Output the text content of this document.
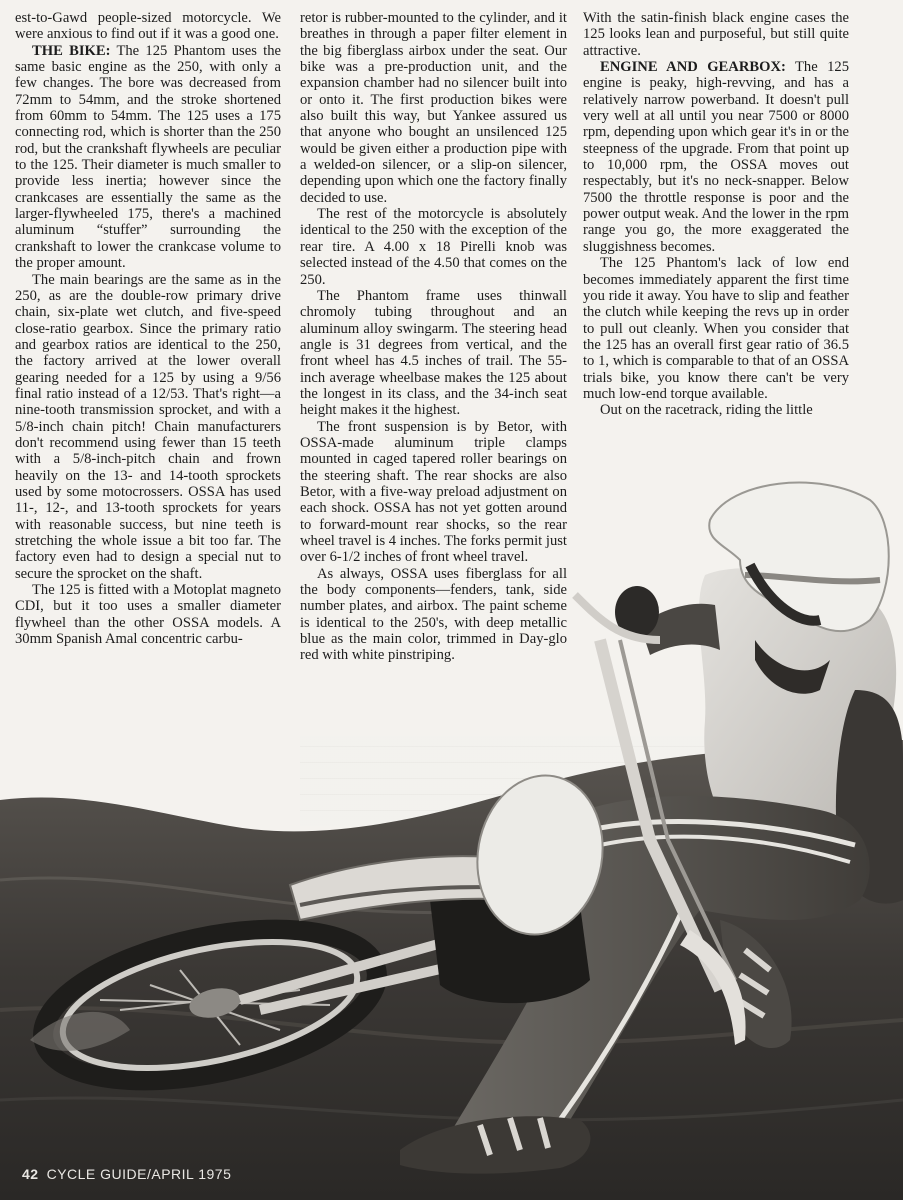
est-to-Gawd people-sized motorcycle. We were anxious to find out if it was a good one.

THE BIKE: The 125 Phantom uses the same basic engine as the 250, with only a few changes. The bore was decreased from 72mm to 54mm, and the stroke shortened from 60mm to 54mm. The 125 uses a 175 connecting rod, which is shorter than the 250 rod, but the crankshaft flywheels are peculiar to the 125. Their diameter is much smaller to provide less inertia; however since the crankcases are essentially the same as the larger-flywheeled 175, there's a machined aluminum “stuffer” surrounding the crankshaft to lower the crankcase volume to the proper amount.

The main bearings are the same as in the 250, as are the double-row primary drive chain, six-plate wet clutch, and five-speed close-ratio gearbox. Since the primary ratio and gearbox ratios are identical to the 250, the factory arrived at the lower overall gearing needed for a 125 by using a 9/56 final ratio instead of a 12/53. That's right—a nine-tooth transmission sprocket, and with a 5/8-inch chain pitch! Chain manufacturers don't recommend using fewer than 15 teeth with a 5/8-inch-pitch chain and frown heavily on the 13- and 14-tooth sprockets used by some motocrossers. OSSA has used 11-, 12-, and 13-tooth sprockets for years with reasonable success, but nine teeth is stretching the whole issue a bit too far. The factory even had to design a special nut to secure the sprocket on the shaft.

The 125 is fitted with a Motoplat magneto CDI, but it too uses a smaller diameter flywheel than the other OSSA models. A 30mm Spanish Amal concentric carbu-

retor is rubber-mounted to the cylinder, and it breathes in through a paper filter element in the big fiberglass airbox under the seat. Our bike was a pre-production unit, and the expansion chamber had no silencer built into or onto it. The first production bikes were also built this way, but Yankee assured us that anyone who bought an unsilenced 125 would be given either a production pipe with a welded-on silencer, or a slip-on silencer, depending upon which one the factory finally decided to use.

The rest of the motorcycle is absolutely identical to the 250 with the exception of the rear tire. A 4.00 x 18 Pirelli knob was selected instead of the 4.50 that comes on the 250.

The Phantom frame uses thinwall chromoly tubing throughout and an aluminum alloy swingarm. The steering head angle is 31 degrees from vertical, and the front wheel has 4.5 inches of trail. The 55-inch average wheelbase makes the 125 about the longest in its class, and the 34-inch seat height makes it the highest.

The front suspension is by Betor, with OSSA-made aluminum triple clamps mounted in caged tapered roller bearings on the steering shaft. The rear shocks are also Betor, with a five-way preload adjustment on each shock. OSSA has not yet gotten around to forward-mount rear shocks, so the rear wheel travel is 4 inches. The forks permit just over 6-1/2 inches of front wheel travel.

As always, OSSA uses fiberglass for all the body components—fenders, tank, side number plates, and airbox. The paint scheme is identical to the 250's, with deep metallic blue as the main color, trimmed in Day-glo red with white pinstriping.

With the satin-finish black engine cases the 125 looks lean and purposeful, but still quite attractive.

ENGINE AND GEARBOX: The 125 engine is peaky, high-revving, and has a relatively narrow powerband. It doesn't pull very well at all until you near 7500 or 8000 rpm, depending upon which gear it's in or the steepness of the upgrade. From that point up to 10,000 rpm, the OSSA moves out respectably, but it's no neck-snapper. Below 7500 the throttle response is poor and the power output weak. And the lower in the rpm range you go, the more exaggerated the sluggishness becomes.

The 125 Phantom's lack of low end becomes immediately apparent the first time you ride it away. You have to slip and feather the clutch while keeping the revs up in order to pull out cleanly. When you consider that the 125 has an overall first gear ratio of 36.5 to 1, which is comparable to that of an OSSA trials bike, you know there can't be very much low-end torque available.

Out on the racetrack, riding the little

42 CYCLE GUIDE/APRIL 1975
